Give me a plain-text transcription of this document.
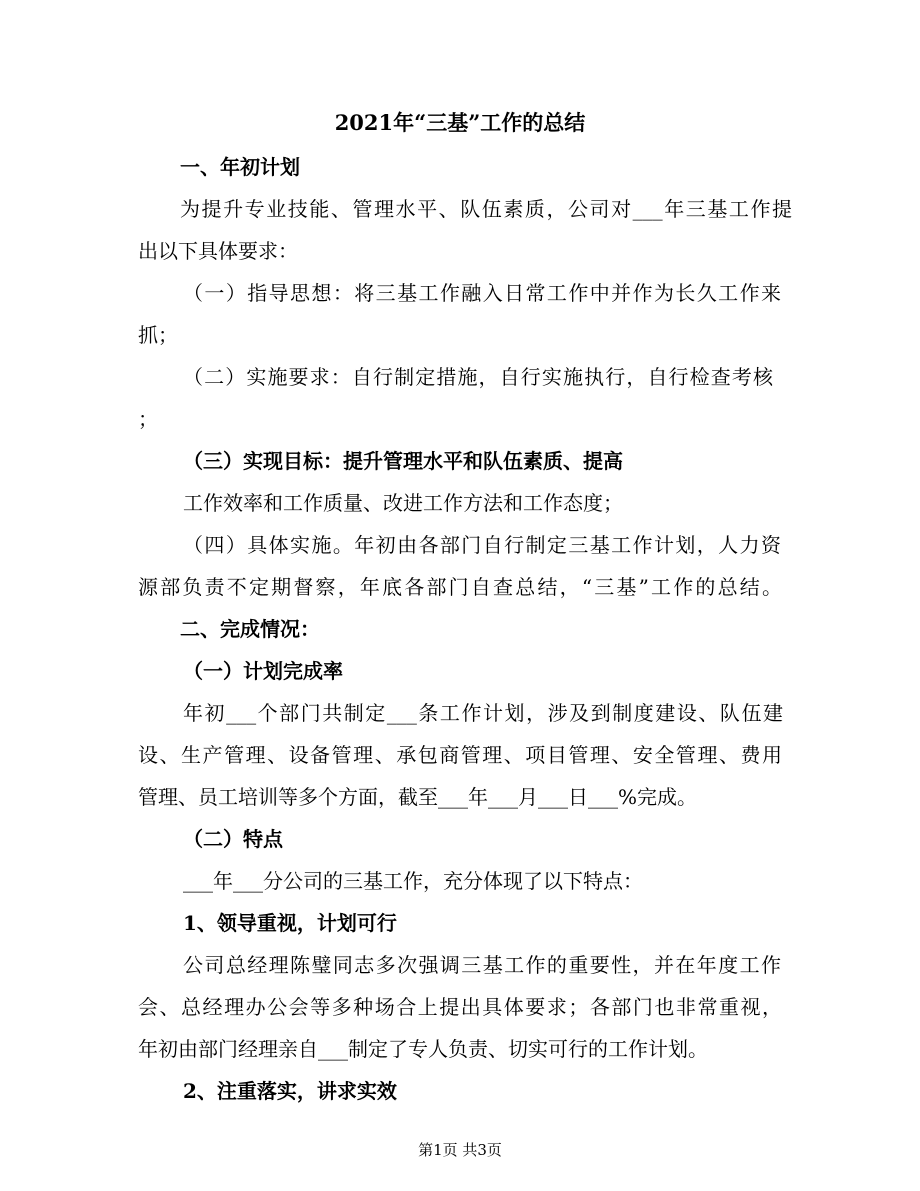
2021年“三基”工作的总结
一、年初计划
为提升专业技能、管理水平、队伍素质，公司对___年三基工作提
出以下具体要求：
（一）指导思想：将三基工作融入日常工作中并作为长久工作来
抓；
（二）实施要求：自行制定措施，自行实施执行，自行检查考核
；
（三）实现目标：提升管理水平和队伍素质、提高
工作效率和工作质量、改进工作方法和工作态度；
（四）具体实施。年初由各部门自行制定三基工作计划，人力资
源部负责不定期督察，年底各部门自查总结，“三基”工作的总结。
二、完成情况：
（一）计划完成率
年初___个部门共制定___条工作计划，涉及到制度建设、队伍建
设、生产管理、设备管理、承包商管理、项目管理、安全管理、费用
管理、员工培训等多个方面，截至___年___月___日___%完成。
（二）特点
___年___分公司的三基工作，充分体现了以下特点：
1、领导重视，计划可行
公司总经理陈璧同志多次强调三基工作的重要性，并在年度工作
会、总经理办公会等多种场合上提出具体要求；各部门也非常重视，
年初由部门经理亲自___制定了专人负责、切实可行的工作计划。
2、注重落实，讲求实效
第1页 共3页
